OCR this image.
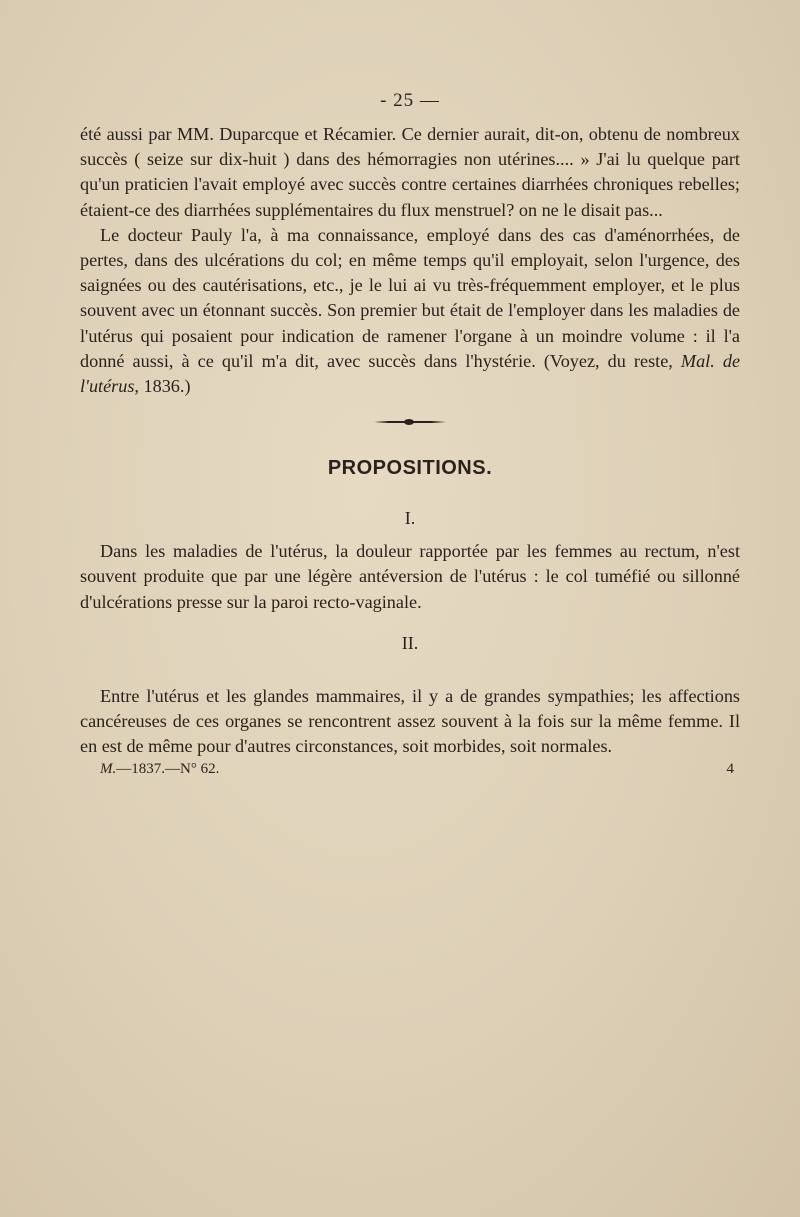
- 25 —

été aussi par MM. Duparcque et Récamier. Ce dernier aurait, dit-on, obtenu de nombreux succès ( seize sur dix-huit ) dans des hémorragies non utérines.... » J'ai lu quelque part qu'un praticien l'avait employé avec succès contre certaines diarrhées chroniques rebelles; étaient-ce des diarrhées supplémentaires du flux menstruel? on ne le disait pas...

Le docteur Pauly l'a, à ma connaissance, employé dans des cas d'aménorrhées, de pertes, dans des ulcérations du col; en même temps qu'il employait, selon l'urgence, des saignées ou des cautérisations, etc., je le lui ai vu très-fréquemment employer, et le plus souvent avec un étonnant succès. Son premier but était de l'employer dans les maladies de l'utérus qui posaient pour indication de ramener l'organe à un moindre volume : il l'a donné aussi, à ce qu'il m'a dit, avec succès dans l'hystérie. (Voyez, du reste, Mal. de l'utérus, 1836.)

PROPOSITIONS.
I.

Dans les maladies de l'utérus, la douleur rapportée par les femmes au rectum, n'est souvent produite que par une légère antéversion de l'utérus : le col tuméfié ou sillonné d'ulcérations presse sur la paroi recto-vaginale.

II.

Entre l'utérus et les glandes mammaires, il y a de grandes sympathies; les affections cancéreuses de ces organes se rencontrent assez souvent à la fois sur la même femme. Il en est de même pour d'autres circonstances, soit morbides, soit normales.

M.—1837.—N° 62.	4
